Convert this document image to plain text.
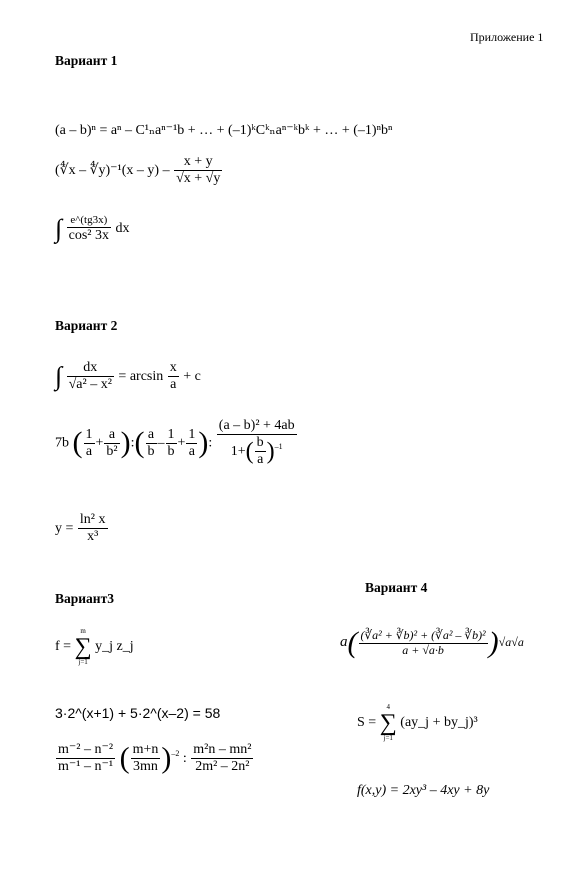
Приложение 1
Вариант 1
(a – b)ⁿ = aⁿ – C¹ₙaⁿ⁻¹b + … + (–1)ᵏCᵏₙaⁿ⁻ᵏbᵏ + … + (–1)ⁿbⁿ
(∜x – ∜y)⁻¹(x – $y) - \frac{x + y}{√x + √y}$
∫ $\frac{e\^{}(tg3x)}{\text{cos² 3x}}$ dx
Вариант 2
∫ $\frac{dx}{\text{√a² – x²}} = \arcsin \frac{x}{a} + c$
7b ( $\frac{1}{a} + \frac{a}{\text{b²}}$ ):( $\frac{a}{b} - \frac{1}{b} + \frac{1}{a}$ ): $\frac{\text{(a – b)² + 4ab}}{1+( \frac{b}{a} )^{-1}}$
$y = \frac{\text{ln² x}}{\text{x³}}$
Вариант3
f =
m
∑
j=1
y_j z_j
3·2^(x+1) + 5·2^(x–2) = 58
$\frac{\text{m⁻² – n⁻²}}{\text{m⁻¹ – n⁻¹}}$ ( $\frac{m+n}{3mn} )^{-2}$ : $\frac{\text{m²n – mn²}}{\text{2m² – 2n²}}$
Вариант 4
$a( \frac{\text{(∛a² + ∛b)² + (∛a² – ∛b)²}}{a + √a\cdot b} )√a√a$
S =
4
∑
j=1
(ay_j + by_j)³
f(x,y) = 2xy³ – 4xy + 8y
